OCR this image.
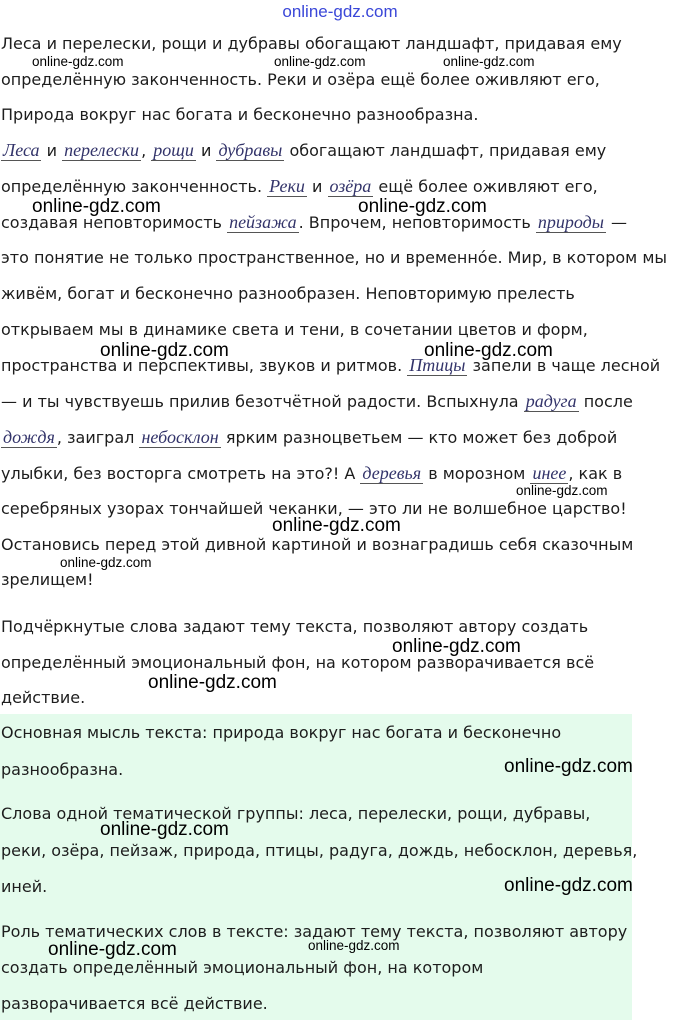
online-gdz.com
Леса и перелески, рощи и дубравы обогащают ландшафт, придавая ему
определённую законченность. Реки и озёра ещё более оживляют его,
Природа вокруг нас богата и бесконечно разнообразна.
Леса и перелески , рощи и дубравы обогащают ландшафт, придавая ему
определённую законченность. Реки и озёра ещё более оживляют его,
создавая неповторимость пейзажа . Впрочем, неповторимость природы —
это понятие не только пространственное, но и временнóе. Мир, в котором мы
живём, богат и бесконечно разнообразен. Неповторимую прелесть
открываем мы в динамике света и тени, в сочетании цветов и форм,
пространства и перспективы, звуков и ритмов. Птицы запели в чаще лесной
— и ты чувствуешь прилив безотчётной радости. Вспыхнула радуга после
дождя , заиграл небосклон ярким разноцветьем — кто может без доброй
улыбки, без восторга смотреть на это?! А деревья в морозном инее , как в
серебряных узорах тончайшей чеканки, — это ли не волшебное царство!
Остановись перед этой дивной картиной и вознаградишь себя сказочным
зрелищем!
Подчёркнутые слова задают тему текста, позволяют автору создать
определённый эмоциональный фон, на котором разворачивается всё
действие.
Основная мысль текста: природа вокруг нас богата и бесконечно
разнообразна.
Слова одной тематической группы: леса, перелески, рощи, дубравы,
реки, озёра, пейзаж, природа, птицы, радуга, дождь, небосклон, деревья,
иней.
Роль тематических слов в тексте: задают тему текста, позволяют автору
создать определённый эмоциональный фон, на котором
разворачивается всё действие.
online-gdz.com	online-gdz.com	online-gdz.com
online-gdz.com	online-gdz.com
online-gdz.com	online-gdz.com
online-gdz.com
online-gdz.com
online-gdz.com
online-gdz.com
online-gdz.com
online-gdz.com
online-gdz.com
online-gdz.com
online-gdz.com
online-gdz.com
